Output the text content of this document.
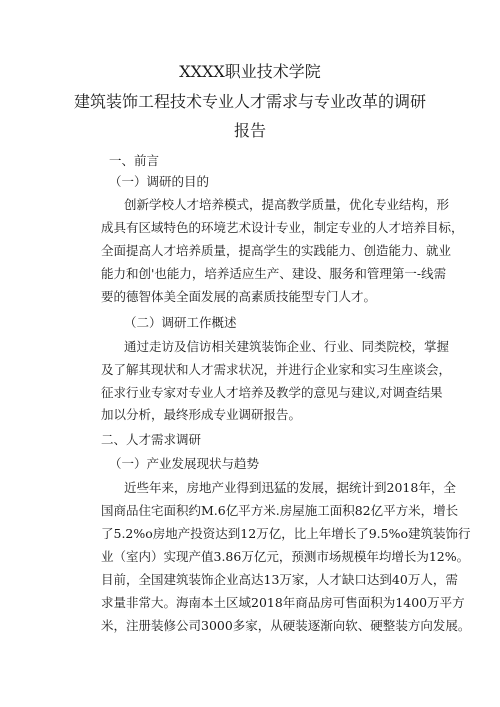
XXXX职业技术学院
建筑装饰工程技术专业人才需求与专业改革的调研
报告
一、前言
（一）调研的目的
创新学校人才培养模式，提高教学质量，优化专业结构，形
成具有区域特色的环境艺术设计专业，制定专业的人才培养目标，
全面提高人才培养质量，提高学生的实践能力、创造能力、就业
能力和创'也能力，培养适应生产、建设、服务和管理第一-线需
要的德智体美全面发展的高素质技能型专门人才。
（二）调研工作概述
通过走访及信访相关建筑装饰企业、行业、同类院校，掌握
及了解其现状和人才需求状况，并进行企业家和实习生座谈会，
征求行业专家对专业人才培养及教学的意见与建议,对调查结果
加以分析，最终形成专业调研报告。
二、人才需求调研
（一）产业发展现状与趋势
近些年来，房地产业得到迅猛的发展，据统计到2018年，全
国商品住宅面积约M.6亿平方米.房屋施工面积82亿平方米，增长
了5.2%o房地产投资达到12万亿，比上年增长了9.5%o建筑装饰行
业（室内）实现产值3.86万亿元，预测市场规模年均增长为12%。
目前，全国建筑装饰企业高达13万家，人才缺口达到40万人，需
求量非常大。海南本土区域2018年商品房可售面积为1400万平方
米，注册装修公司3000多家，从硬装逐渐向软、硬整装方向发展。
